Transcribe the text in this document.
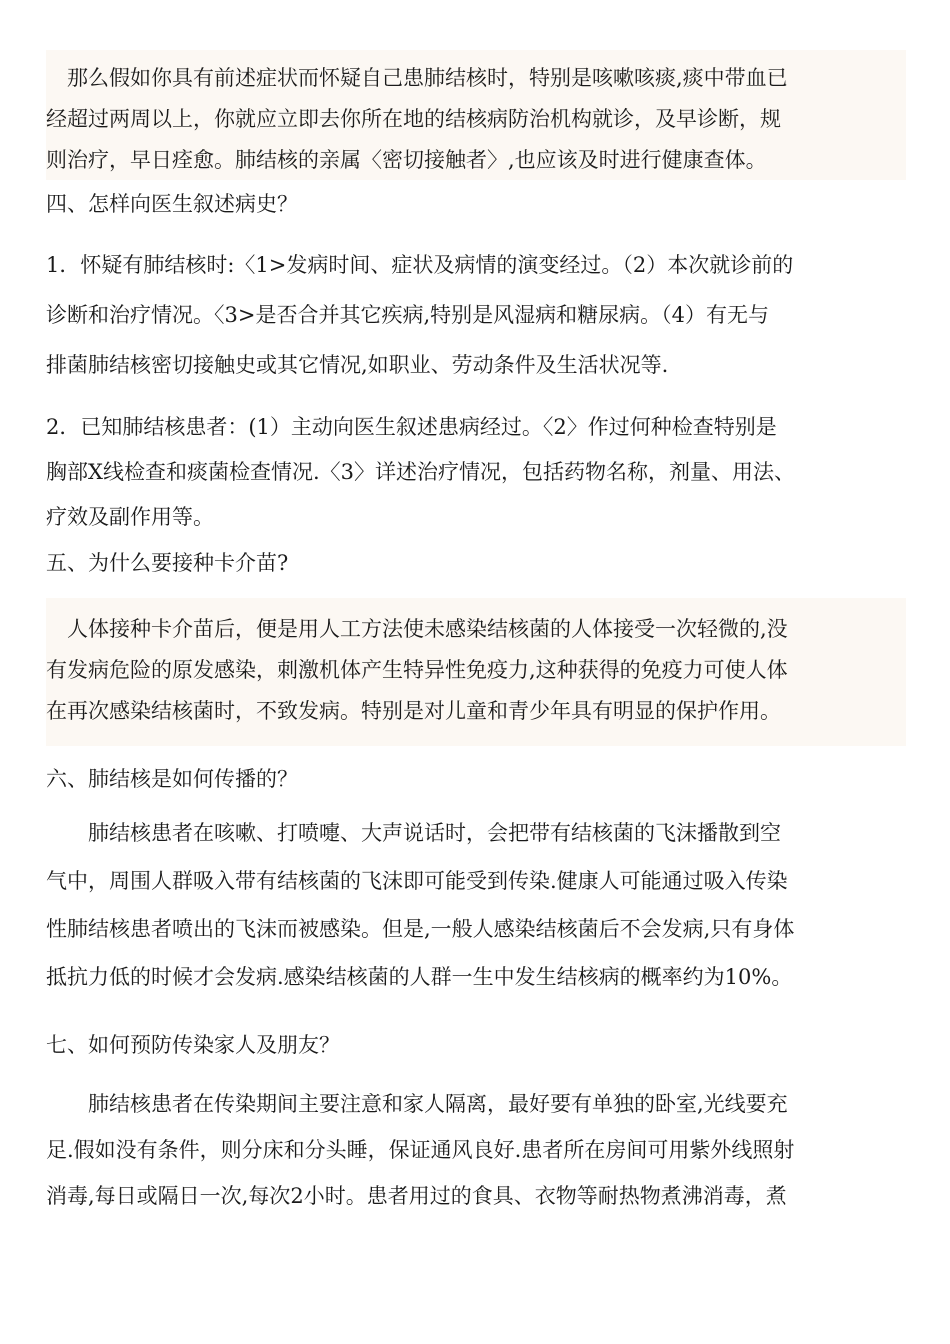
　那么假如你具有前述症状而怀疑自己患肺结核时，特别是咳嗽咳痰,痰中带血已
经超过两周以上，你就应立即去你所在地的结核病防治机构就诊，及早诊断，规
则治疗，早日痊愈。肺结核的亲属〈密切接触者〉,也应该及时进行健康查体。
四、怎样向医生叙述病史？
1．怀疑有肺结核时:〈1>发病时间、症状及病情的演变经过。（2）本次就诊前的
诊断和治疗情况。〈3>是否合并其它疾病,特别是风湿病和糖尿病。（4）有无与
排菌肺结核密切接触史或其它情况,如职业、劳动条件及生活状况等.
2．已知肺结核患者：(1）主动向医生叙述患病经过。〈2〉作过何种检查特别是
胸部X线检查和痰菌检查情况.〈3〉详述治疗情况，包括药物名称，剂量、用法、
疗效及副作用等。
五、为什么要接种卡介苗?
　人体接种卡介苗后，便是用人工方法使未感染结核菌的人体接受一次轻微的,没
有发病危险的原发感染，刺激机体产生特异性免疫力,这种获得的免疫力可使人体
在再次感染结核菌时，不致发病。特别是对儿童和青少年具有明显的保护作用。
六、肺结核是如何传播的？
　　肺结核患者在咳嗽、打喷嚏、大声说话时，会把带有结核菌的飞沫播散到空
气中，周围人群吸入带有结核菌的飞沫即可能受到传染.健康人可能通过吸入传染
性肺结核患者喷出的飞沫而被感染。但是,一般人感染结核菌后不会发病,只有身体
抵抗力低的时候才会发病.感染结核菌的人群一生中发生结核病的概率约为10%。
七、如何预防传染家人及朋友？
　　肺结核患者在传染期间主要注意和家人隔离，最好要有单独的卧室,光线要充
足.假如没有条件，则分床和分头睡，保证通风良好.患者所在房间可用紫外线照射
消毒,每日或隔日一次,每次2小时。患者用过的食具、衣物等耐热物煮沸消毒，煮
